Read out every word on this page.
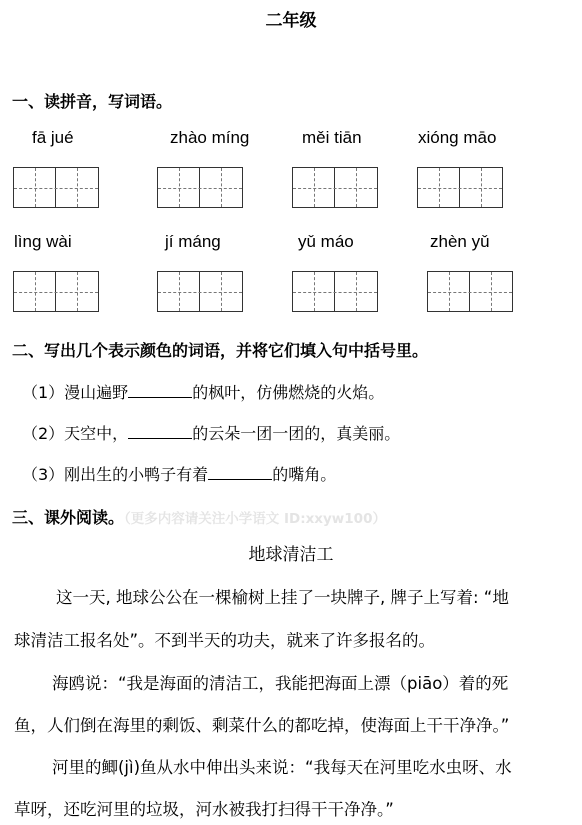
二年级
一、读拼音，写词语。
fā jué	zhào míng	měi tiān	xióng māo
lìng wài	jí máng	yǔ máo	zhèn yǔ
二、写出几个表示颜色的词语，并将它们填入句中括号里。
（1）漫山遍野	的枫叶，仿佛燃烧的火焰。
（2）天空中，	的云朵一团一团的，真美丽。
（3）刚出生的小鸭子有着	的嘴角。
三、课外阅读。（更多内容请关注小学语文 ID:xxyw100）
地球清洁工
这一天, 地球公公在一棵榆树上挂了一块牌子, 牌子上写着: “地
球清洁工报名处”。不到半天的功夫，就来了许多报名的。
海鸥说：“我是海面的清洁工，我能把海面上漂（piāo）着的死
鱼，人们倒在海里的剩饭、剩菜什么的都吃掉，使海面上干干净净。”
河里的鲫(jì)鱼从水中伸出头来说：“我每天在河里吃水虫呀、水
草呀，还吃河里的垃圾，河水被我打扫得干干净净。”
